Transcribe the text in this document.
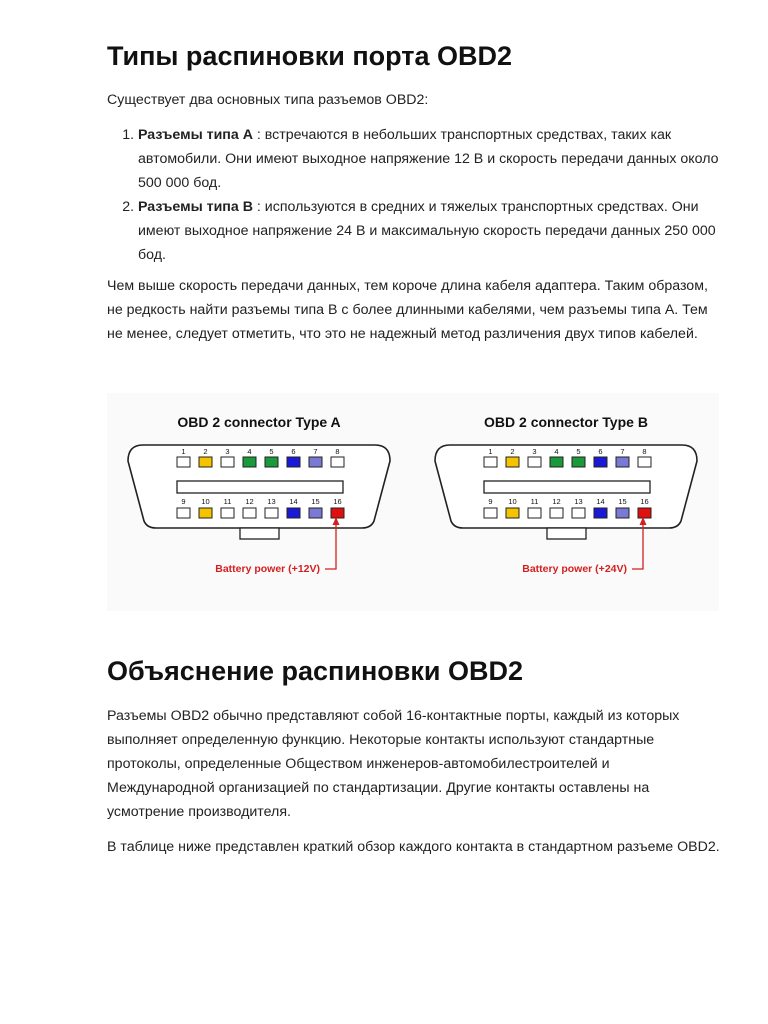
Типы распиновки порта OBD2

Существует два основных типа разъемов OBD2:

1. Разъемы типа А : встречаются в небольших транспортных средствах, таких как автомобили. Они имеют выходное напряжение 12 В и скорость передачи данных около 500 000 бод.
2. Разъемы типа B : используются в средних и тяжелых транспортных средствах. Они имеют выходное напряжение 24 В и максимальную скорость передачи данных 250 000 бод.

Чем выше скорость передачи данных, тем короче длина кабеля адаптера. Таким образом, не редкость найти разъемы типа B с более длинными кабелями, чем разъемы типа A. Тем не менее, следует отметить, что это не надежный метод различения двух типов кабелей.

OBD 2 connector Type A
1 2 3 4 5 6 7 8
9 10 11 12 13 14 15 16
Battery power (+12V)
OBD 2 connector Type B
1 2 3 4 5 6 7 8
9 10 11 12 13 14 15 16
Battery power (+24V)
Объяснение распиновки OBD2

Разъемы OBD2 обычно представляют собой 16-контактные порты, каждый из которых выполняет определенную функцию. Некоторые контакты используют стандартные протоколы, определенные Обществом инженеров-автомобилестроителей и Международной организацией по стандартизации. Другие контакты оставлены на усмотрение производителя.

В таблице ниже представлен краткий обзор каждого контакта в стандартном разъеме OBD2.
